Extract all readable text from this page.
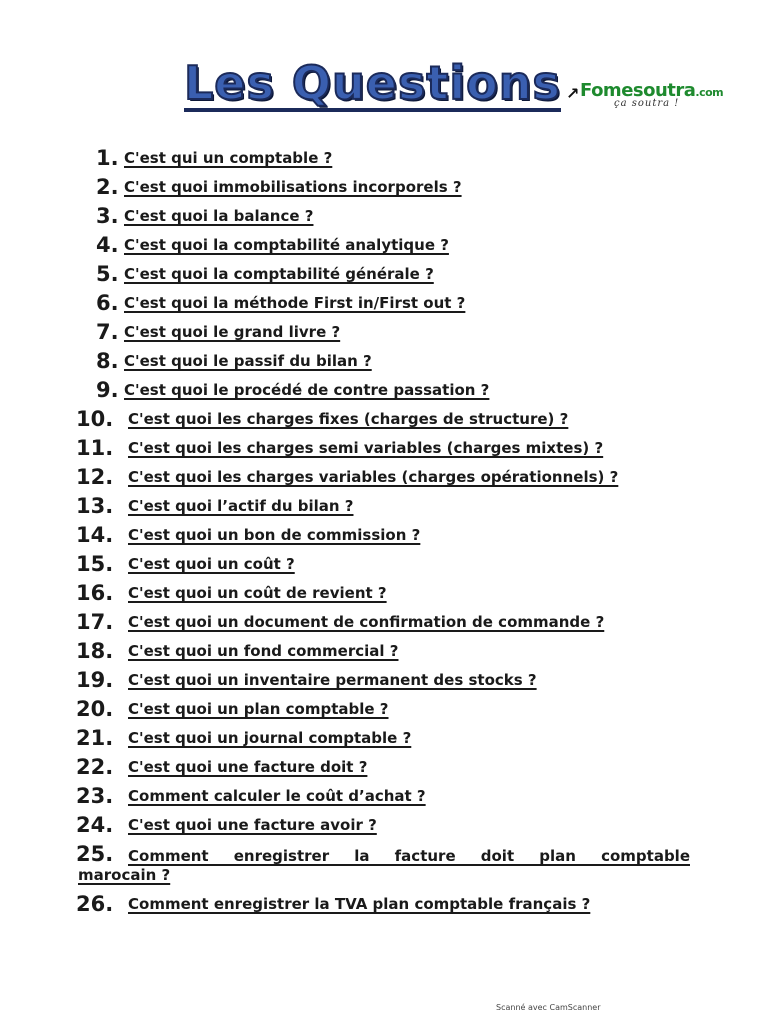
Les Questions ↗ Fomesoutra.com
ça soutra !
1. C'est qui un comptable ?
2. C'est quoi immobilisations incorporels ?
3. C'est quoi la balance ?
4. C'est quoi la comptabilité analytique ?
5. C'est quoi la comptabilité générale ?
6. C'est quoi la méthode First in/First out ?
7. C'est quoi le grand livre ?
8. C'est quoi le passif du bilan ?
9. C'est quoi le procédé de contre passation ?
10. C'est quoi les charges fixes (charges de structure) ?
11. C'est quoi les charges semi variables (charges mixtes) ?
12. C'est quoi les charges variables (charges opérationnels) ?
13. C'est quoi l’actif du bilan ?
14. C'est quoi un bon de commission ?
15. C'est quoi un coût ?
16. C'est quoi un coût de revient ?
17. C'est quoi un document de confirmation de commande ?
18. C'est quoi un fond commercial ?
19. C'est quoi un inventaire permanent des stocks ?
20. C'est quoi un plan comptable ?
21. C'est quoi un journal comptable ?
22. C'est quoi une facture doit ?
23. Comment calculer le coût d’achat ?
24. C'est quoi une facture avoir ?
25. Comment enregistrer la facture doit plan comptable
marocain ?
26. Comment enregistrer la TVA plan comptable français ?
Scanné avec CamScanner
